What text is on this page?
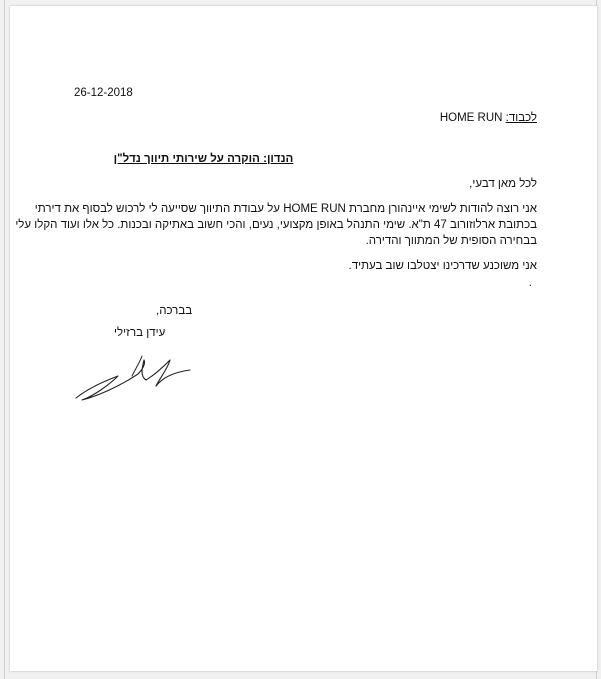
26-12-2018
לכבוד: HOME RUN
הנדון: הוקרה על שירותי תיווך נדל"ן
לכל מאן דבעי,
אני רוצה להודות לשימי איינהורן מחברת HOME RUN על עבודת התיווך שסייעה לי לרכוש לבסוף את דירתי
בכתובת ארלוזורוב 47 ת"א. שימי התנהל באופן מקצועי, נעים, והכי חשוב באתיקה ובכנות. כל אלו ועוד הקלו עלי
בבחירה הסופית של המתווך והדירה.
אני משוכנע שדרכינו יצטלבו שוב בעתיד.
.
בברכה,
עידן ברזילי
